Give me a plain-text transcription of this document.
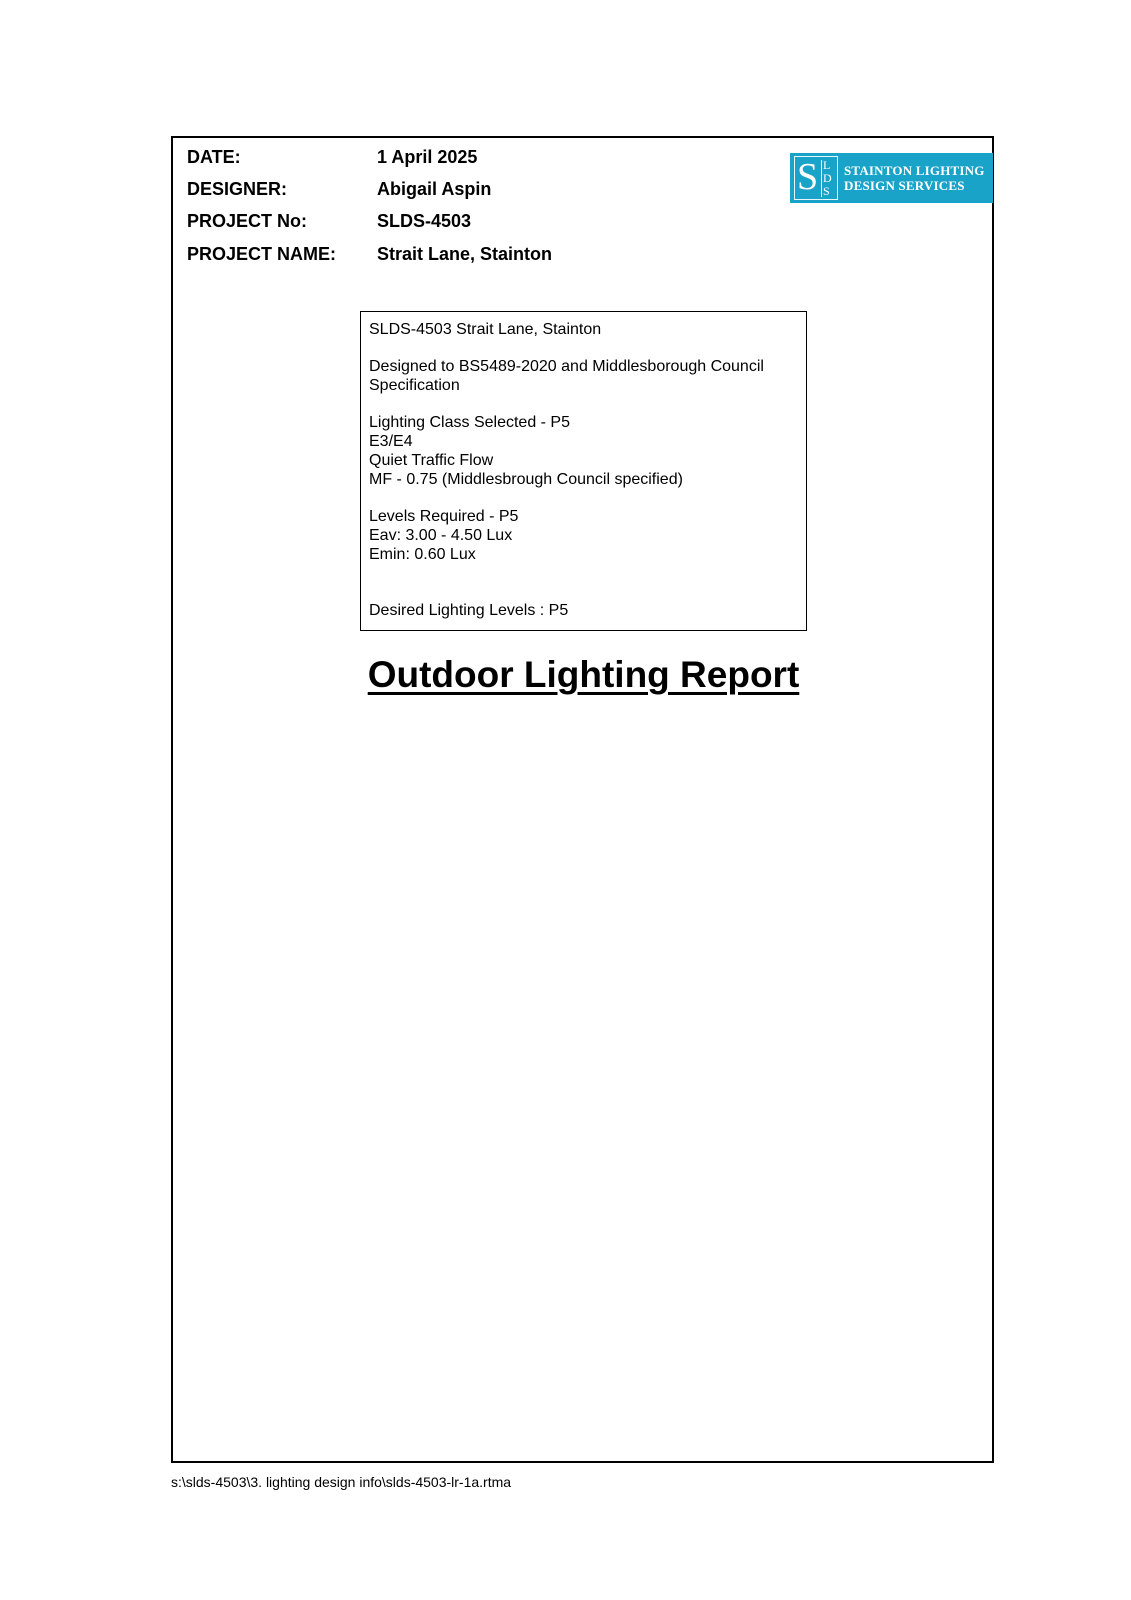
DATE:	1 April 2025
DESIGNER:	Abigail Aspin
PROJECT No:	SLDS-4503
PROJECT NAME: Strait Lane, Stainton
S L
D
S
STAINTON LIGHTING
DESIGN SERVICES

SLDS-4503 Strait Lane, Stainton

Designed to BS5489-2020 and Middlesborough Council
Specification

Lighting Class Selected - P5
E3/E4
Quiet Traffic Flow
MF - 0.75 (Middlesbrough Council specified)

Levels Required - P5
Eav: 3.00 - 4.50 Lux
Emin: 0.60 Lux

Desired Lighting Levels : P5

Outdoor Lighting Report
s:\slds-4503\3. lighting design info\slds-4503-lr-1a.rtma
